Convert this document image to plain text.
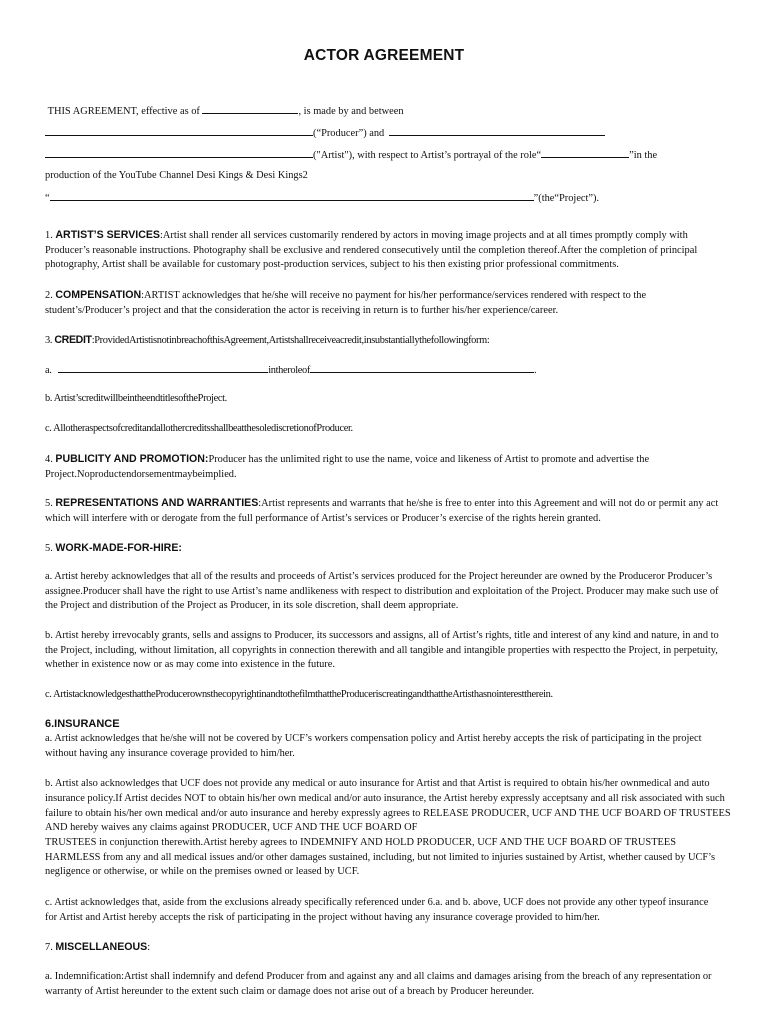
ACTOR AGREEMENT
THIS AGREEMENT, effective as of	, is made by and between
(“Producer”) and
("Artist"), with respect to Artist’s portrayal of the role“	”in the
production of the YouTube Channel Desi Kings & Desi Kings2
“	”(the“Project”).
1. ARTIST’S SERVICES:Artist shall render all services customarily rendered by actors in moving image projects and at all times promptly comply with Producer’s reasonable instructions. Photography shall be exclusive and rendered consecutively until the completion thereof.After the completion of principal photography, Artist shall be available for customary post-production services, subject to his then existing prior professional commitments.
2. COMPENSATION:ARTIST acknowledges that he/she will receive no payment for his/her performance/services rendered with respect to the student’s/Producer’s project and that the consideration the actor is receiving in return is to further his/her experience/career.
3. CREDIT:ProvidedArtistisnotinbreachofthisAgreement,Artistshallreceiveacredit,insubstantiallythefollowingform:
a.	intheroleof	.
b. Artist’screditwillbeintheendtitlesoftheProject.
c. AllotheraspectsofcreditandallothercreditsshallbeatthesolediscretionofProducer.
4. PUBLICITY AND PROMOTION:Producer has the unlimited right to use the name, voice and likeness of Artist to promote and advertise the Project.Noproductendorsementmaybeimplied.
5. REPRESENTATIONS AND WARRANTIES:Artist represents and warrants that he/she is free to enter into this Agreement and will not do or permit any act which will interfere with or derogate from the full performance of Artist’s services or Producer’s exercise of the rights herein granted.
5. WORK-MADE-FOR-HIRE:
a. Artist hereby acknowledges that all of the results and proceeds of Artist’s services produced for the Project hereunder are owned by the Produceror Producer’s assignee.Producer shall have the right to use Artist’s name andlikeness with respect to distribution and exploitation of the Project. Producer may make such use of the Project and distribution of the Project as Producer, in its sole discretion, shall deem appropriate.
b. Artist hereby irrevocably grants, sells and assigns to Producer, its successors and assigns, all of Artist’s rights, title and interest of any kind and nature, in and to the Project, including, without limitation, all copyrights in connection therewith and all tangible and intangible properties with respectto the Project, in perpetuity, whether in existence now or as may come into existence in the future.
c. ArtistacknowledgesthattheProducerownsthecopyrightinandtothefilmthattheProduceriscreatingandthattheArtisthasnointeresttherein.
6.INSURANCE
a. Artist acknowledges that he/she will not be covered by UCF’s workers compensation policy and Artist hereby accepts the risk of participating in the project without having any insurance coverage provided to him/her.
b. Artist also acknowledges that UCF does not provide any medical or auto insurance for Artist and that Artist is required to obtain his/her ownmedical and auto
insurance policy.If Artist decides NOT to obtain his/her own medical and/or auto insurance, the Artist hereby expressly acceptsany and all risk associated with such
failure to obtain his/her own medical and/or auto insurance and hereby expressly agrees to RELEASE PRODUCER, UCF AND THE UCF BOARD OF TRUSTEES
AND hereby waives any claims against PRODUCER, UCF AND THE UCF BOARD OF
TRUSTEES in conjunction therewith.Artist hereby agrees to INDEMNIFY AND HOLD PRODUCER, UCF AND THE UCF BOARD OF TRUSTEES
HARMLESS from any and all medical issues and/or other damages sustained, including, but not limited to injuries sustained by Artist, whether caused by UCF’s
negligence or otherwise, or while on the premises owned or leased by UCF.
c. Artist acknowledges that, aside from the exclusions already specifically referenced under 6.a. and b. above, UCF does not provide any other typeof insurance for Artist and Artist hereby accepts the risk of participating in the project without having any insurance coverage provided to him/her.
7. MISCELLANEOUS:
a. Indemnification:Artist shall indemnify and defend Producer from and against any and all claims and damages arising from the breach of any representation or warranty of Artist hereunder to the extent such claim or damage does not arise out of a breach by Producer hereunder.
